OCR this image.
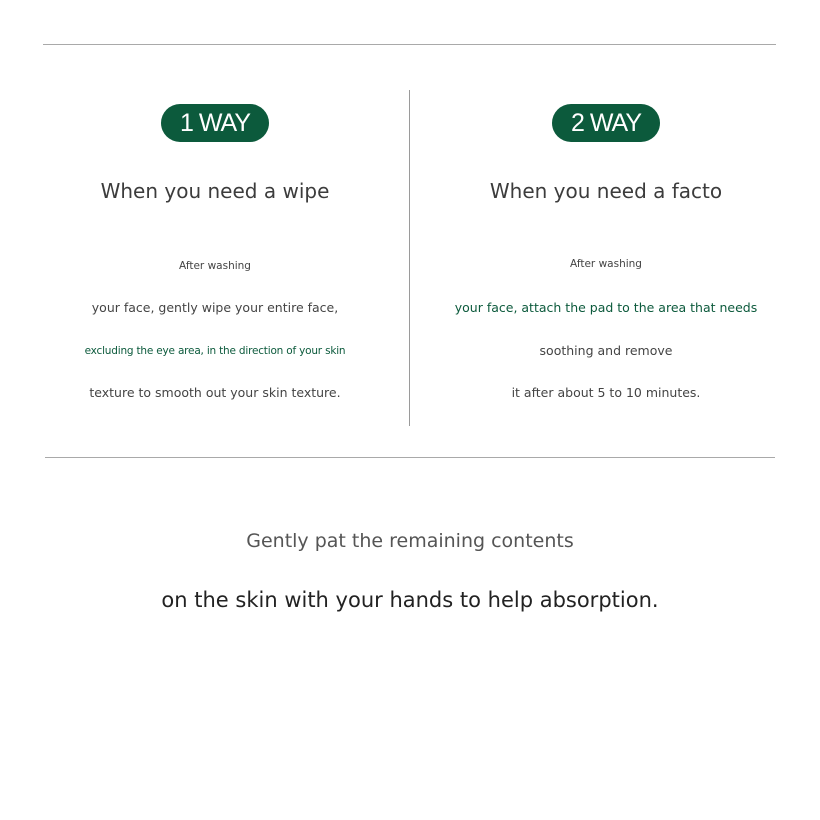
1 WAY
When you need a wipe
After washing
your face, gently wipe your entire face,
excluding the eye area, in the direction of your skin
texture to smooth out your skin texture.
2 WAY
When you need a facto
After washing
your face, attach the pad to the area that needs
soothing and remove
it after about 5 to 10 minutes.
Gently pat the remaining contents
on the skin with your hands to help absorption.
